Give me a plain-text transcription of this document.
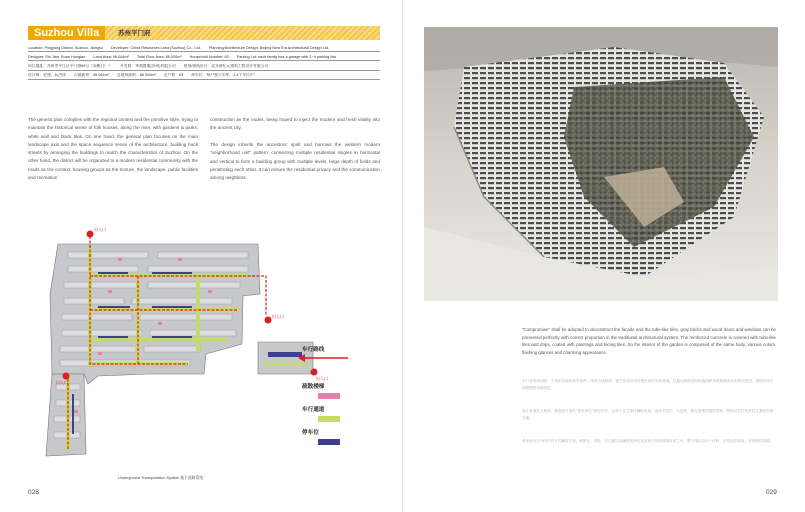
Suzhou Villa	苏州平门府
Location: Pingjiang District, Suzhou, Jiangsu Developer: China Resources Land (Suzhou) Co., Ltd. Planning/Architecture Design: Beijing New Era Architectural Design Ltd.
Designer: Shi Jian, Ruan Hongtao Land Area: 96,064m² Total Floor Area: 86,000m² Household Number: 63 Parking Lot: each family has a garage with 2~4 parking lots
项目地址：苏州市平江区平门路69号（原桃门厂） 开发商：华润置地(苏州)有限公司 规划/建筑设计：北京新纪元建筑工程设计有限公司
设计师：史建，阮洪涛 占地面积：96 064m² 总建筑面积：86 000m² 总户数：63 停车位：每户独立车库，2-4个车位/户
The general plan complies with the regional context and the primitive style, trying to maintain the historical sense of folk houses, along the river, with gardens & parks, white wall and black tiles. On one hand, the general plan focuses on the main landscape axis and the space sequence sense of the architecture, building back streets by arranging the buildings to match the characteristics of Suzhou. On the other hand, the district will be organized to a modern residential community with the roads as the context, housing groups as the texture, the landscape, public facilities and recreation
construction as the nodes, being hoped to inject the modern and fresh vitality into the ancient city.
The design inherits the ancestors' spirit and borrows the western modern "neighborhood unit" pattern: connecting multiple residential singles in horizontal and vertical to form a building group with multiple levels, large depth of fields and penetrating each other. It can ensure the residential privacy and the communication among neighbors.
出入口
出入口
出入口
出入口
车行路线
疏散楼梯
车行通道
停车位
Underground Transportation System 地下道路系统
028
"Compromise" shall be adopted to deconstruct the facade and the tube-like tiles, gray bricks and wood doors and windows can be presented perfectly with correct proportion in the traditional architectural system. The reinforced concrete is covered with tube-like tiles and drips, coated with paintings and facing tiles. So the interior of the garden is composed of the same body, various colors, flashing glances and charming appearance.
平门府的规划统一方案依托地块现有条件，传承古城肌理，意在营造苏州传统民居的空间意境，以通达的街巷和院落组织形成错落有致的居住组团，展现苏州古城独特的风貌特征。
设计秉承先人精神，借鉴西方现代"邻里单位"规划手法，以多个住宅单体横纵相连，组成多层次、大进深、相互渗透的建筑群体，既保证居住私密性又兼顾邻里交流。
单体设计以"妥协"的方式解构立面，使筒瓦、青砖、木门窗以正确的比例完美呈现于传统建筑体系之中，整个园区由同一体块、多样色彩构成，呈现别样风貌。
029
